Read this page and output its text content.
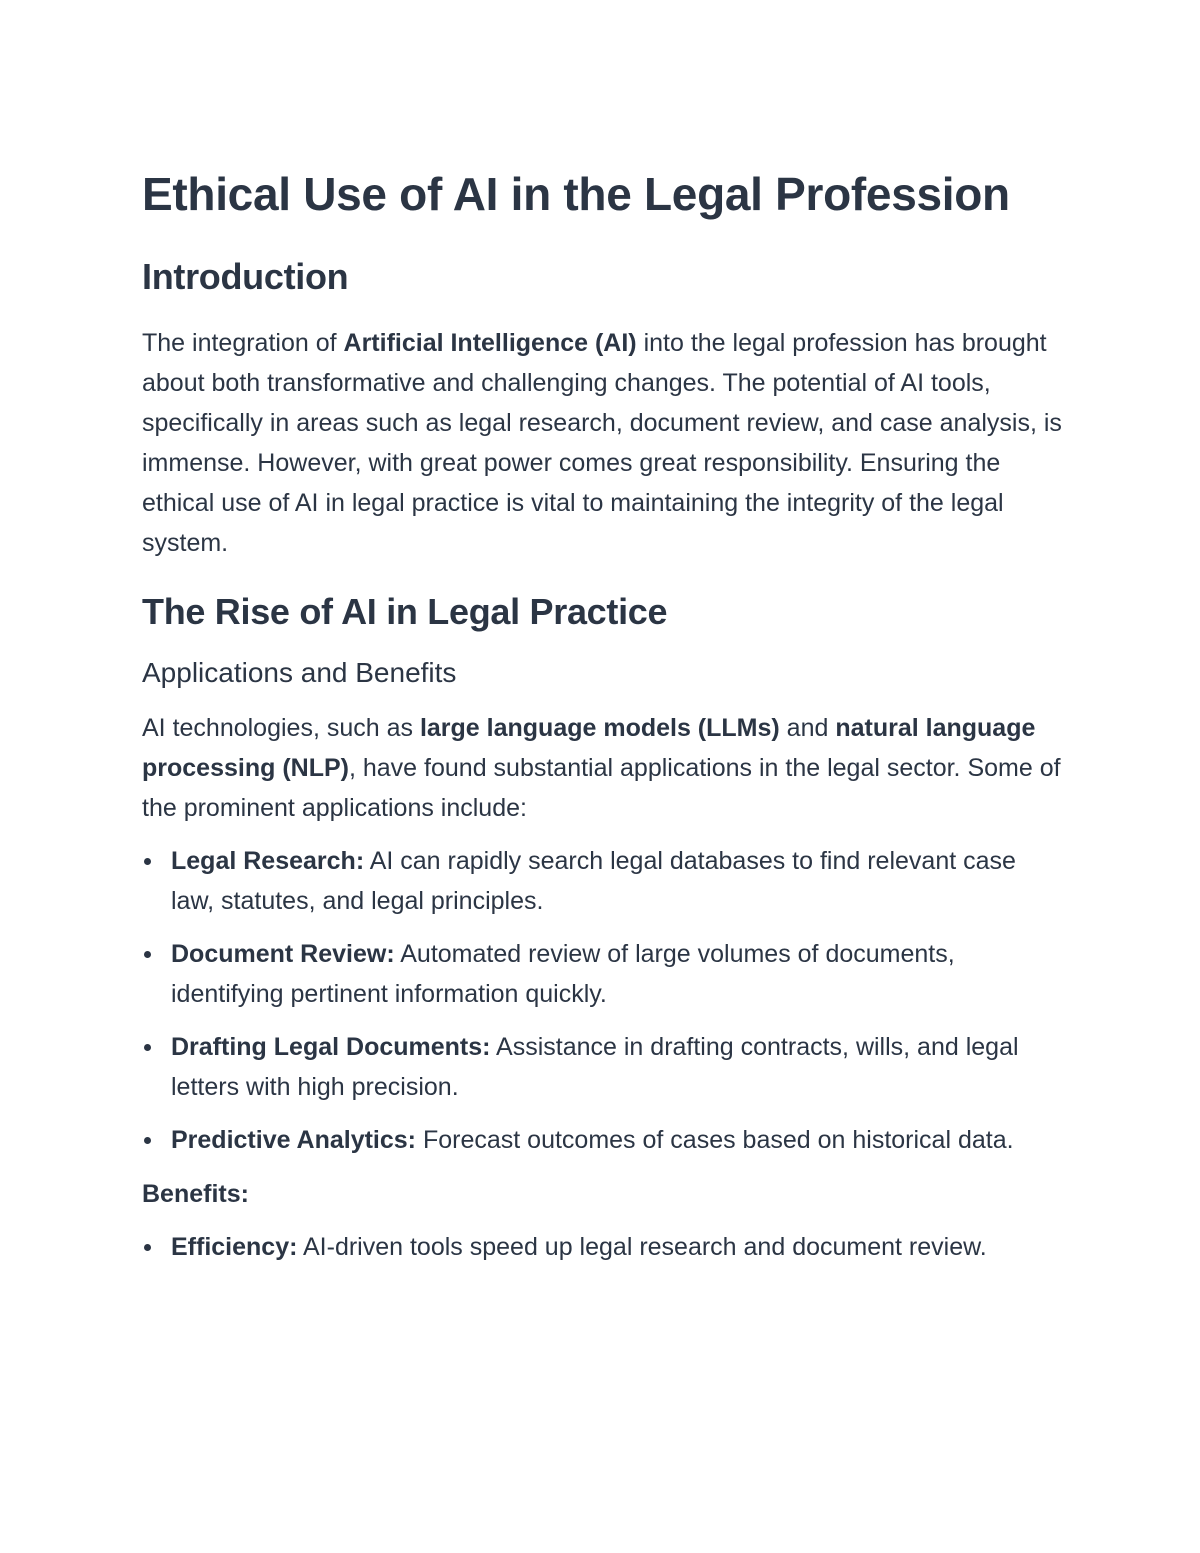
Ethical Use of AI in the Legal Profession
Introduction

The integration of Artificial Intelligence (AI) into the legal profession has brought about both transformative and challenging changes. The potential of AI tools, specifically in areas such as legal research, document review, and case analysis, is immense. However, with great power comes great responsibility. Ensuring the ethical use of AI in legal practice is vital to maintaining the integrity of the legal system.

The Rise of AI in Legal Practice
Applications and Benefits

AI technologies, such as large language models (LLMs) and natural language processing (NLP), have found substantial applications in the legal sector. Some of the prominent applications include:

Legal Research: AI can rapidly search legal databases to find relevant case law, statutes, and legal principles.
Document Review: Automated review of large volumes of documents, identifying pertinent information quickly.
Drafting Legal Documents: Assistance in drafting contracts, wills, and legal letters with high precision.
Predictive Analytics: Forecast outcomes of cases based on historical data.

Benefits:

Efficiency: AI-driven tools speed up legal research and document review.
